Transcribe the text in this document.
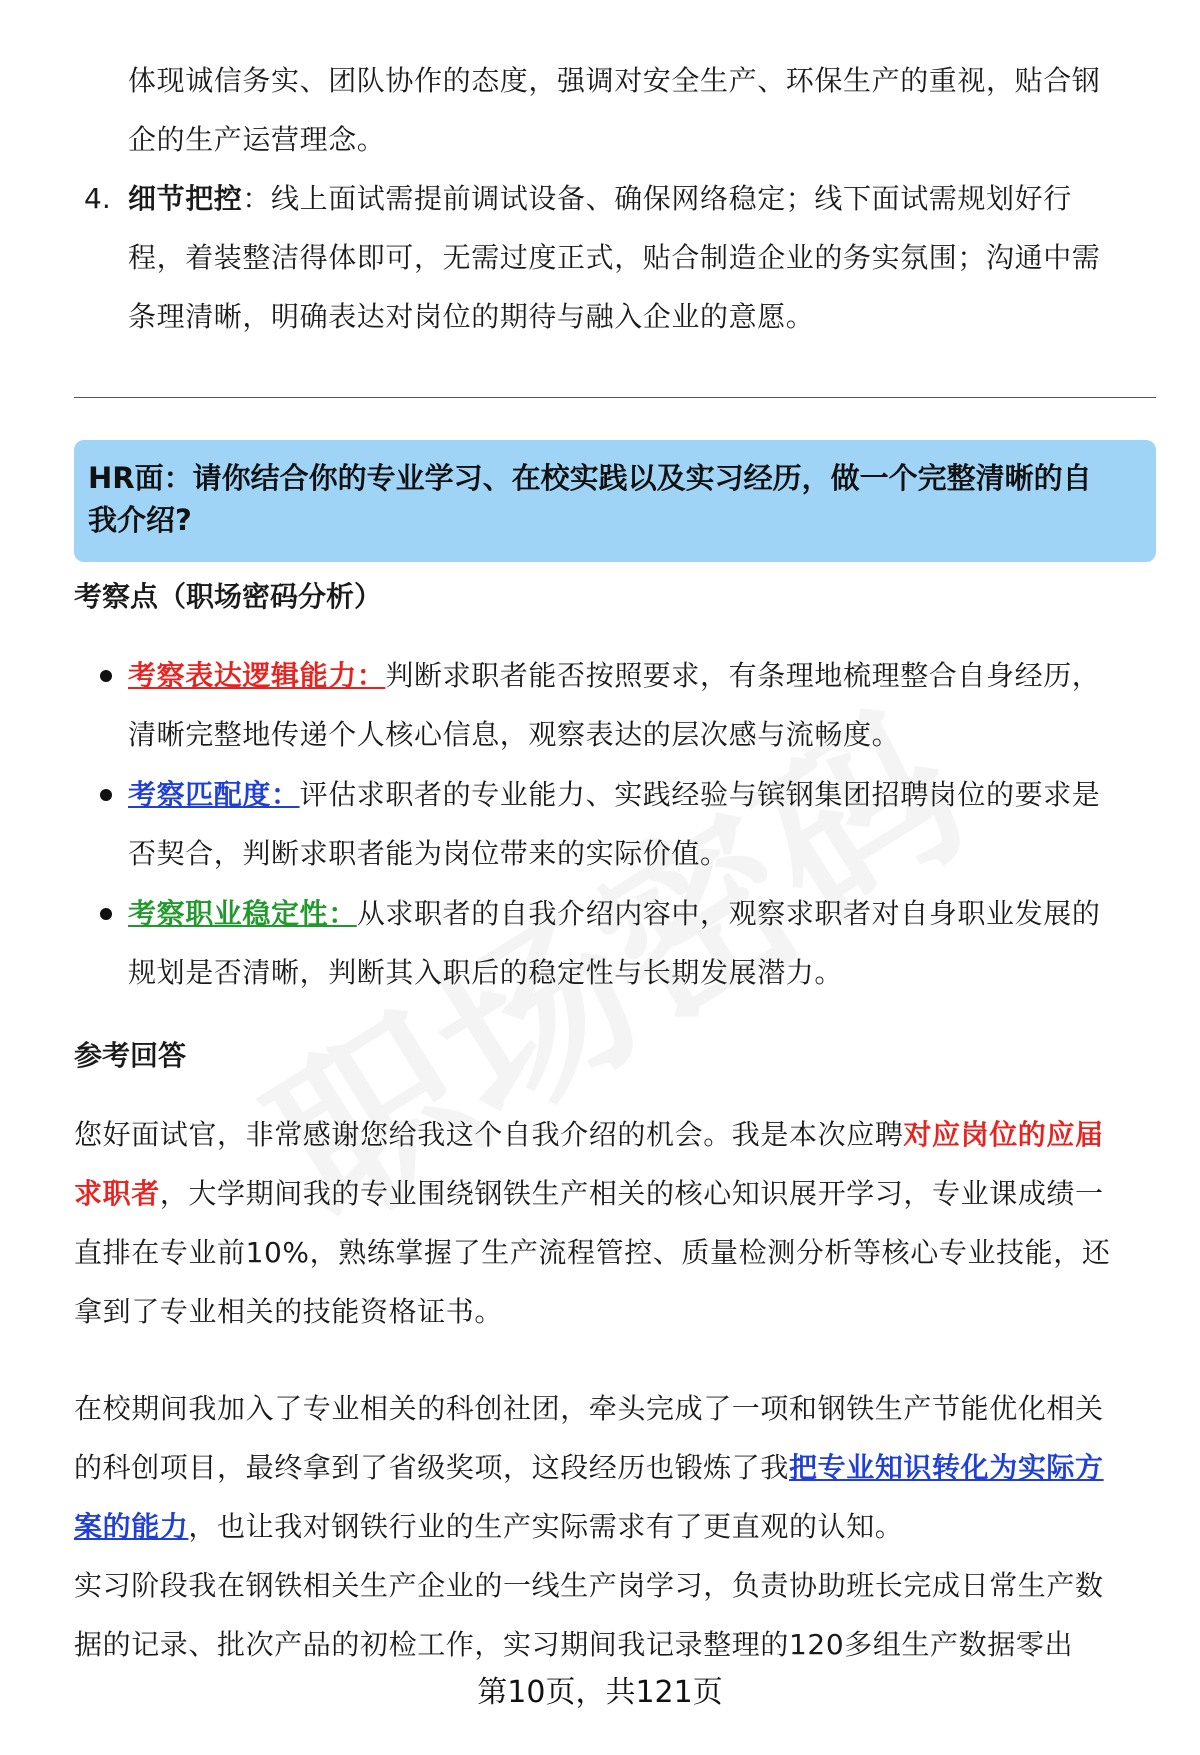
体现诚信务实、团队协作的态度，强调对安全生产、环保生产的重视，贴合钢
企的生产运营理念。
4. 细节把控：线上面试需提前调试设备、确保网络稳定；线下面试需规划好行
程，着装整洁得体即可，无需过度正式，贴合制造企业的务实氛围；沟通中需
条理清晰，明确表达对岗位的期待与融入企业的意愿。
HR面：请你结合你的专业学习、在校实践以及实习经历，做一个完整清晰的自
我介绍?
考察点（职场密码分析）
考察表达逻辑能力：判断求职者能否按照要求，有条理地梳理整合自身经历，
清晰完整地传递个人核心信息，观察表达的层次感与流畅度。
考察匹配度：评估求职者的专业能力、实践经验与镔钢集团招聘岗位的要求是
否契合，判断求职者能为岗位带来的实际价值。
考察职业稳定性：从求职者的自我介绍内容中，观察求职者对自身职业发展的
规划是否清晰，判断其入职后的稳定性与长期发展潜力。
参考回答
您好面试官，非常感谢您给我这个自我介绍的机会。我是本次应聘对应岗位的应届
求职者，大学期间我的专业围绕钢铁生产相关的核心知识展开学习，专业课成绩一
直排在专业前10%，熟练掌握了生产流程管控、质量检测分析等核心专业技能，还
拿到了专业相关的技能资格证书。
在校期间我加入了专业相关的科创社团，牵头完成了一项和钢铁生产节能优化相关
的科创项目，最终拿到了省级奖项，这段经历也锻炼了我把专业知识转化为实际方
案的能力，也让我对钢铁行业的生产实际需求有了更直观的认知。
实习阶段我在钢铁相关生产企业的一线生产岗学习，负责协助班长完成日常生产数
据的记录、批次产品的初检工作，实习期间我记录整理的120多组生产数据零出
第10页，共121页
